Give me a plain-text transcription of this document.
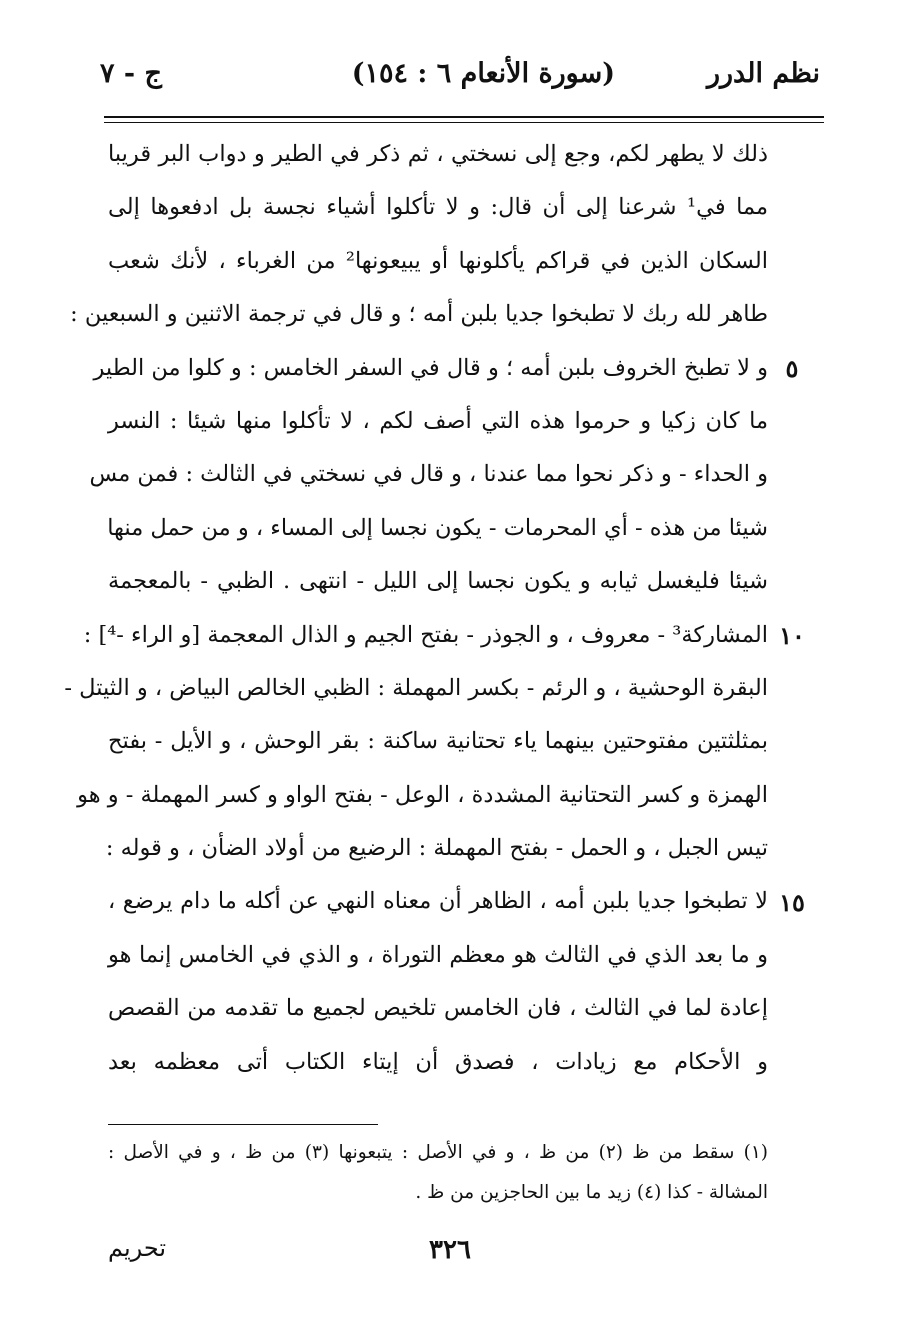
نظم الدرر
(سورة الأنعام ٦ : ١٥٤)
ج - ٧
ذلك لا يطهر لكم، وجع إلى نسختي ، ثم ذكر في الطير و دواب البر قريبا
مما في¹ شرعنا إلى أن قال: و لا تأكلوا أشياء نجسة بل ادفعوها إلى
السكان الذين في قراكم يأكلونها أو يبيعونها² من الغرباء ، لأنك شعب
طاهر لله ربك لا تطبخوا جديا بلبن أمه ؛ و قال في ترجمة الاثنين و السبعين :
و لا تطبخ الخروف بلبن أمه ؛ و قال في السفر الخامس : و كلوا من الطير
ما كان زكيا و حرموا هذه التي أصف لكم ، لا تأكلوا منها شيئا : النسر
و الحداء - و ذكر نحوا مما عندنا ، و قال في نسختي في الثالث : فمن مس
شيئا من هذه - أي المحرمات - يكون نجسا إلى المساء ، و من حمل منها
شيئا فليغسل ثيابه و يكون نجسا إلى الليل - انتهى . الظبي - بالمعجمة
المشاركة³ - معروف ، و الجوذر - بفتح الجيم و الذال المعجمة [و الراء -⁴] :
البقرة الوحشية ، و الرئم - بكسر المهملة : الظبي الخالص البياض ، و الثيتل -
بمثلثتين مفتوحتين بينهما ياء تحتانية ساكنة : بقر الوحش ، و الأيل - بفتح
الهمزة و كسر التحتانية المشددة ، الوعل - بفتح الواو و كسر المهملة - و هو
تيس الجبل ، و الحمل - بفتح المهملة : الرضيع من أولاد الضأن ، و قوله :
لا تطبخوا جديا بلبن أمه ، الظاهر أن معناه النهي عن أكله ما دام يرضع ،
و ما بعد الذي في الثالث هو معظم التوراة ، و الذي في الخامس إنما هو
إعادة لما في الثالث ، فان الخامس تلخيص لجميع ما تقدمه من القصص
و الأحكام مع زيادات ، فصدق أن إيتاء الكتاب أتى معظمه بعد
٥
١٠
١٥
(١) سقط من ظ (٢) من ظ ، و في الأصل : يتبعونها (٣) من ظ ، و في الأصل :
المشالة - كذا (٤) زيد ما بين الحاجزين من ظ .
٣٢٦
تحريم
